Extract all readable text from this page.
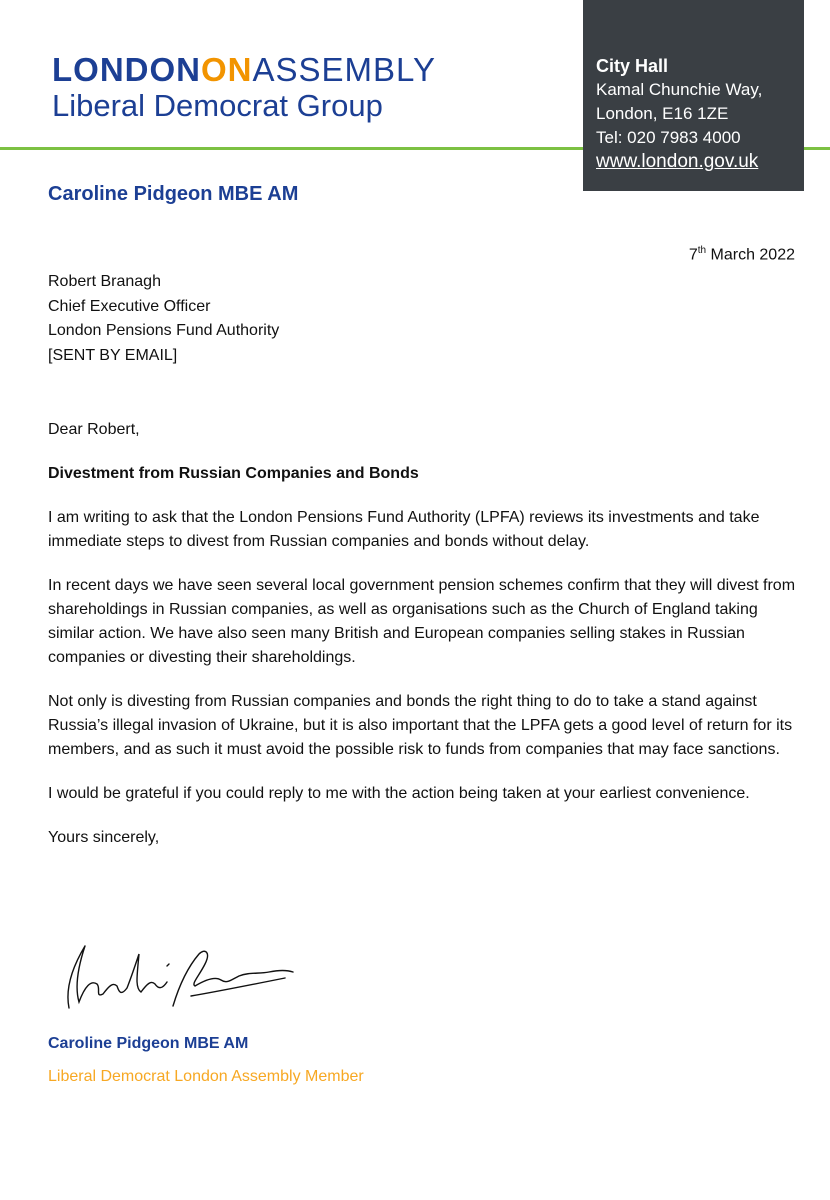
LONDONONASSEMBLY
Liberal Democrat Group
City Hall
Kamal Chunchie Way,
London, E16 1ZE
Tel: 020 7983 4000
www.london.gov.uk
Caroline Pidgeon MBE AM
7th March 2022
Robert Branagh
Chief Executive Officer
London Pensions Fund Authority
[SENT BY EMAIL]

Dear Robert,

Divestment from Russian Companies and Bonds

I am writing to ask that the London Pensions Fund Authority (LPFA) reviews its investments and take immediate steps to divest from Russian companies and bonds without delay.

In recent days we have seen several local government pension schemes confirm that they will divest from shareholdings in Russian companies, as well as organisations such as the Church of England taking similar action. We have also seen many British and European companies selling stakes in Russian companies or divesting their shareholdings.

Not only is divesting from Russian companies and bonds the right thing to do to take a stand against Russia’s illegal invasion of Ukraine, but it is also important that the LPFA gets a good level of return for its members, and as such it must avoid the possible risk to funds from companies that may face sanctions.

I would be grateful if you could reply to me with the action being taken at your earliest convenience.

Yours sincerely,

Caroline Pidgeon MBE AM
Liberal Democrat London Assembly Member
